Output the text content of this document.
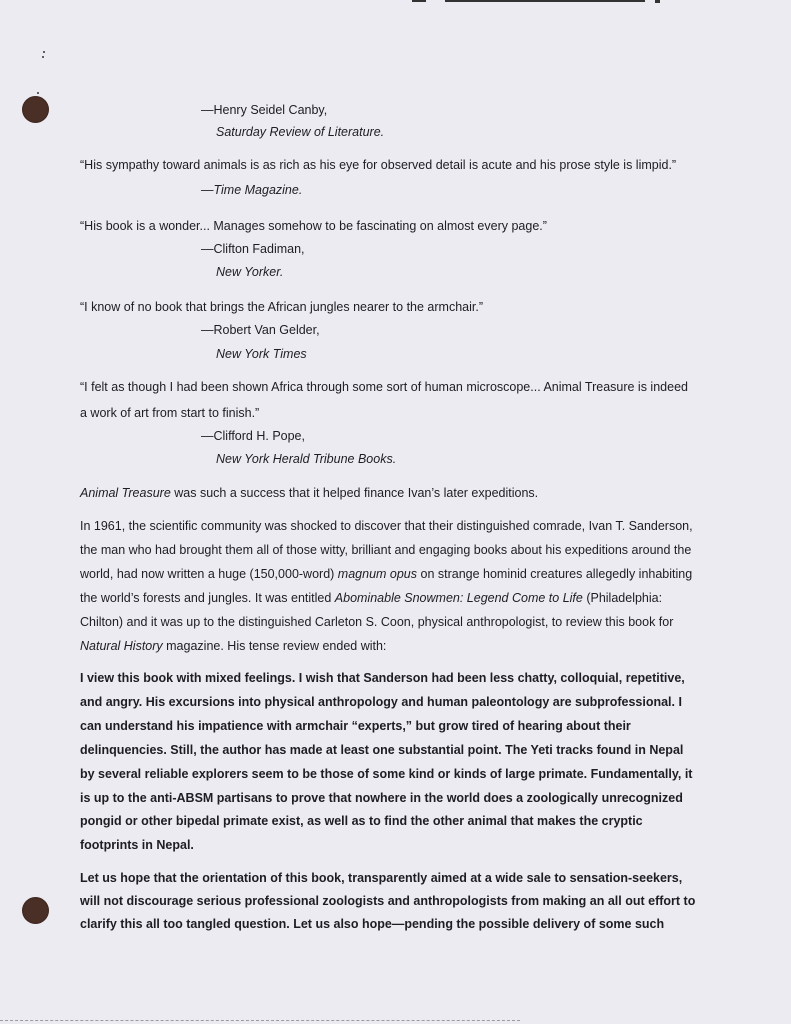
—Henry Seidel Canby,
Saturday Review of Literature.
“His sympathy toward animals is as rich as his eye for observed detail is acute and his prose style is limpid.”
—Time Magazine.
“His book is a wonder... Manages somehow to be fascinating on almost every page.”
—Clifton Fadiman,
New Yorker.
“I know of no book that brings the African jungles nearer to the armchair.”
—Robert Van Gelder,
New York Times
“I felt as though I had been shown Africa through some sort of human microscope... Animal Treasure is indeed
a work of art from start to finish.”
—Clifford H. Pope,
New York Herald Tribune Books.
Animal Treasure was such a success that it helped finance Ivan’s later expeditions.
In 1961, the scientific community was shocked to discover that their distinguished comrade, Ivan T. Sanderson,
the man who had brought them all of those witty, brilliant and engaging books about his expeditions around the
world, had now written a huge (150,000-word) magnum opus on strange hominid creatures allegedly inhabiting
the world’s forests and jungles. It was entitled Abominable Snowmen: Legend Come to Life (Philadelphia:
Chilton) and it was up to the distinguished Carleton S. Coon, physical anthropologist, to review this book for
Natural History magazine. His tense review ended with:
I view this book with mixed feelings. I wish that Sanderson had been less chatty, colloquial, repetitive,
and angry. His excursions into physical anthropology and human paleontology are subprofessional. I
can understand his impatience with armchair “experts,” but grow tired of hearing about their
delinquencies. Still, the author has made at least one substantial point. The Yeti tracks found in Nepal
by several reliable explorers seem to be those of some kind or kinds of large primate. Fundamentally, it
is up to the anti-ABSM partisans to prove that nowhere in the world does a zoologically unrecognized
pongid or other bipedal primate exist, as well as to find the other animal that makes the cryptic
footprints in Nepal.
Let us hope that the orientation of this book, transparently aimed at a wide sale to sensation-seekers,
will not discourage serious professional zoologists and anthropologists from making an all out effort to
clarify this all too tangled question. Let us also hope—pending the possible delivery of some such
